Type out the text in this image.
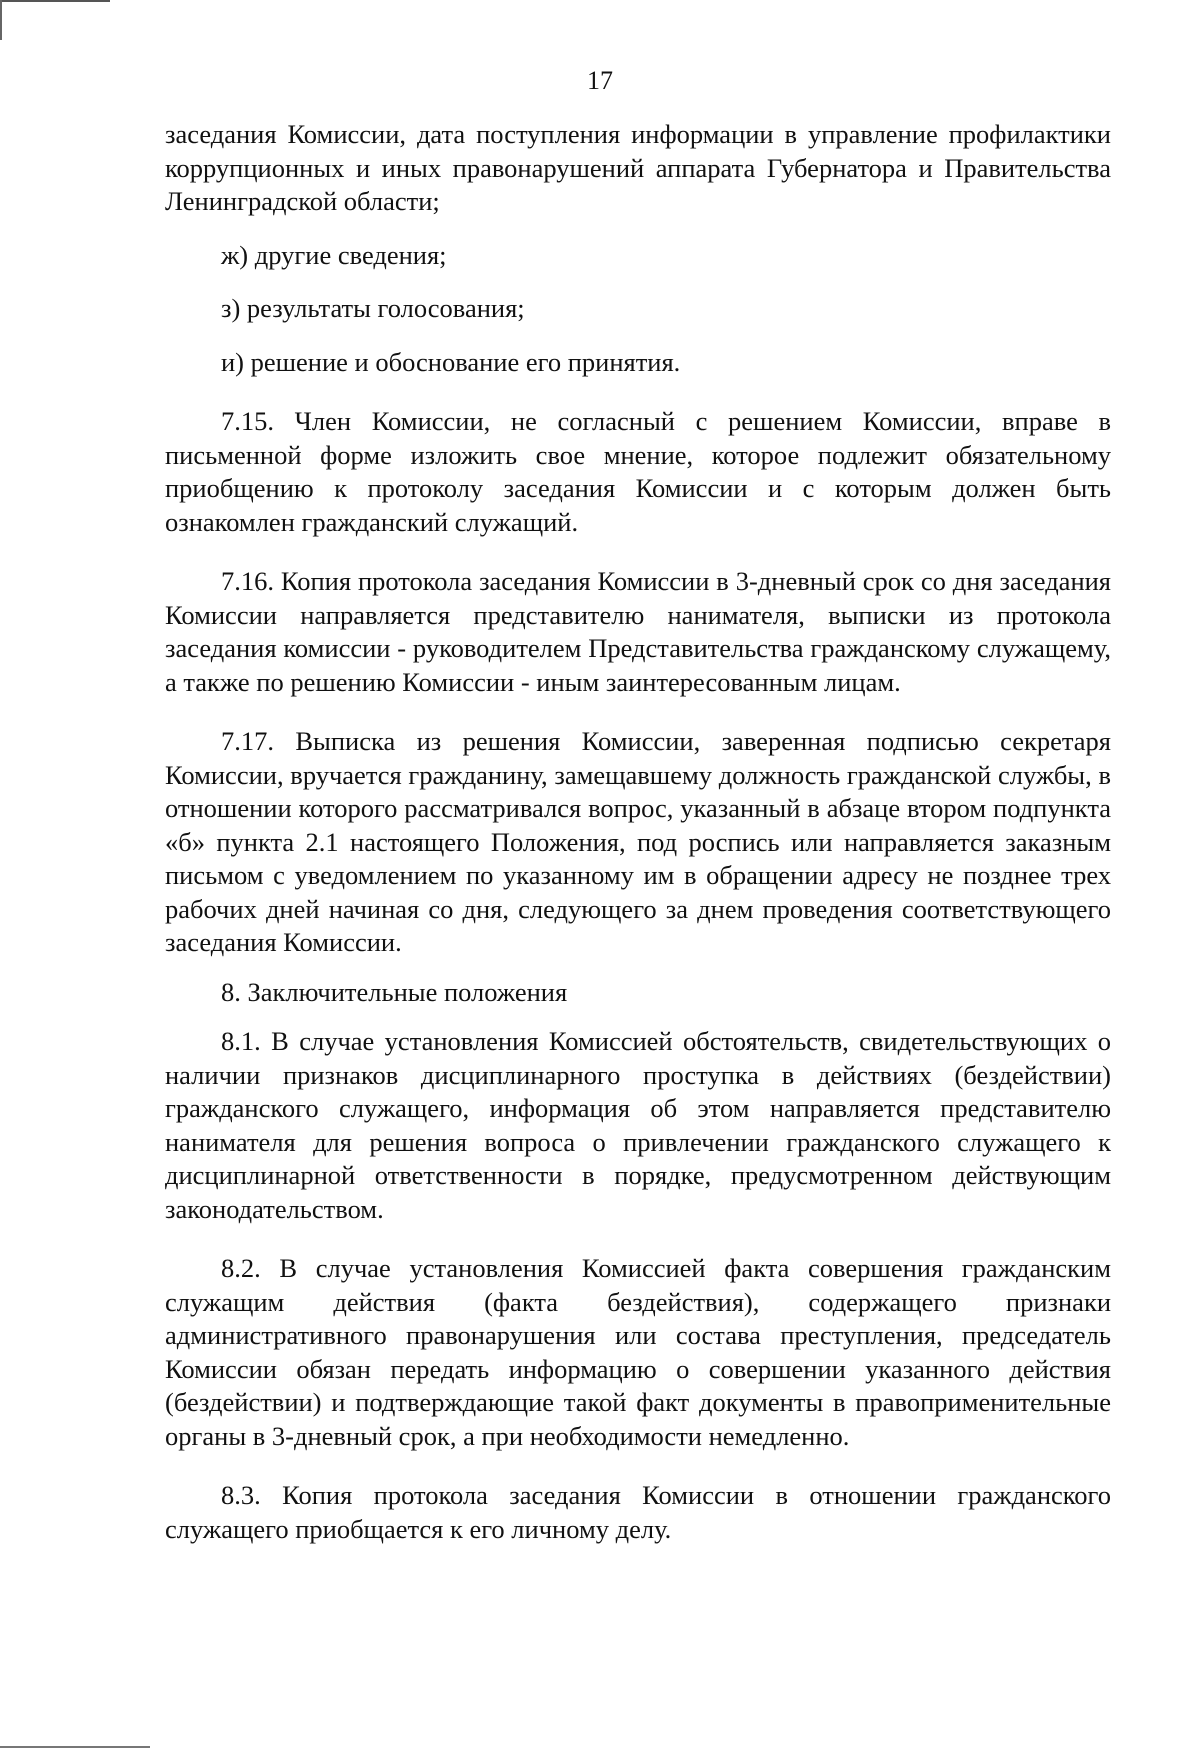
17

заседания Комиссии, дата поступления информации в управление профилактики коррупционных и иных правонарушений аппарата Губернатора и Правительства Ленинградской области;

ж) другие сведения;

з) результаты голосования;

и) решение и обоснование его принятия.

7.15. Член Комиссии, не согласный с решением Комиссии, вправе в письменной форме изложить свое мнение, которое подлежит обязательному приобщению к протоколу заседания Комиссии и с которым должен быть ознакомлен гражданский служащий.

7.16. Копия протокола заседания Комиссии в 3-дневный срок со дня заседания Комиссии направляется представителю нанимателя, выписки из протокола заседания комиссии - руководителем Представительства гражданскому служащему, а также по решению Комиссии - иным заинтересованным лицам.

7.17. Выписка из решения Комиссии, заверенная подписью секретаря Комиссии, вручается гражданину, замещавшему должность гражданской службы, в отношении которого рассматривался вопрос, указанный в абзаце втором подпункта «б» пункта 2.1 настоящего Положения, под роспись или направляется заказным письмом с уведомлением по указанному им в обращении адресу не позднее трех рабочих дней начиная со дня, следующего за днем проведения соответствующего заседания Комиссии.

8. Заключительные положения

8.1. В случае установления Комиссией обстоятельств, свидетельствующих о наличии признаков дисциплинарного проступка в действиях (бездействии) гражданского служащего, информация об этом направляется представителю нанимателя для решения вопроса о привлечении гражданского служащего к дисциплинарной ответственности в порядке, предусмотренном действующим законодательством.

8.2. В случае установления Комиссией факта совершения гражданским служащим действия (факта бездействия), содержащего признаки административного правонарушения или состава преступления, председатель Комиссии обязан передать информацию о совершении указанного действия (бездействии) и подтверждающие такой факт документы в правоприменительные органы в 3-дневный срок, а при необходимости немедленно.

8.3. Копия протокола заседания Комиссии в отношении гражданского служащего приобщается к его личному делу.
